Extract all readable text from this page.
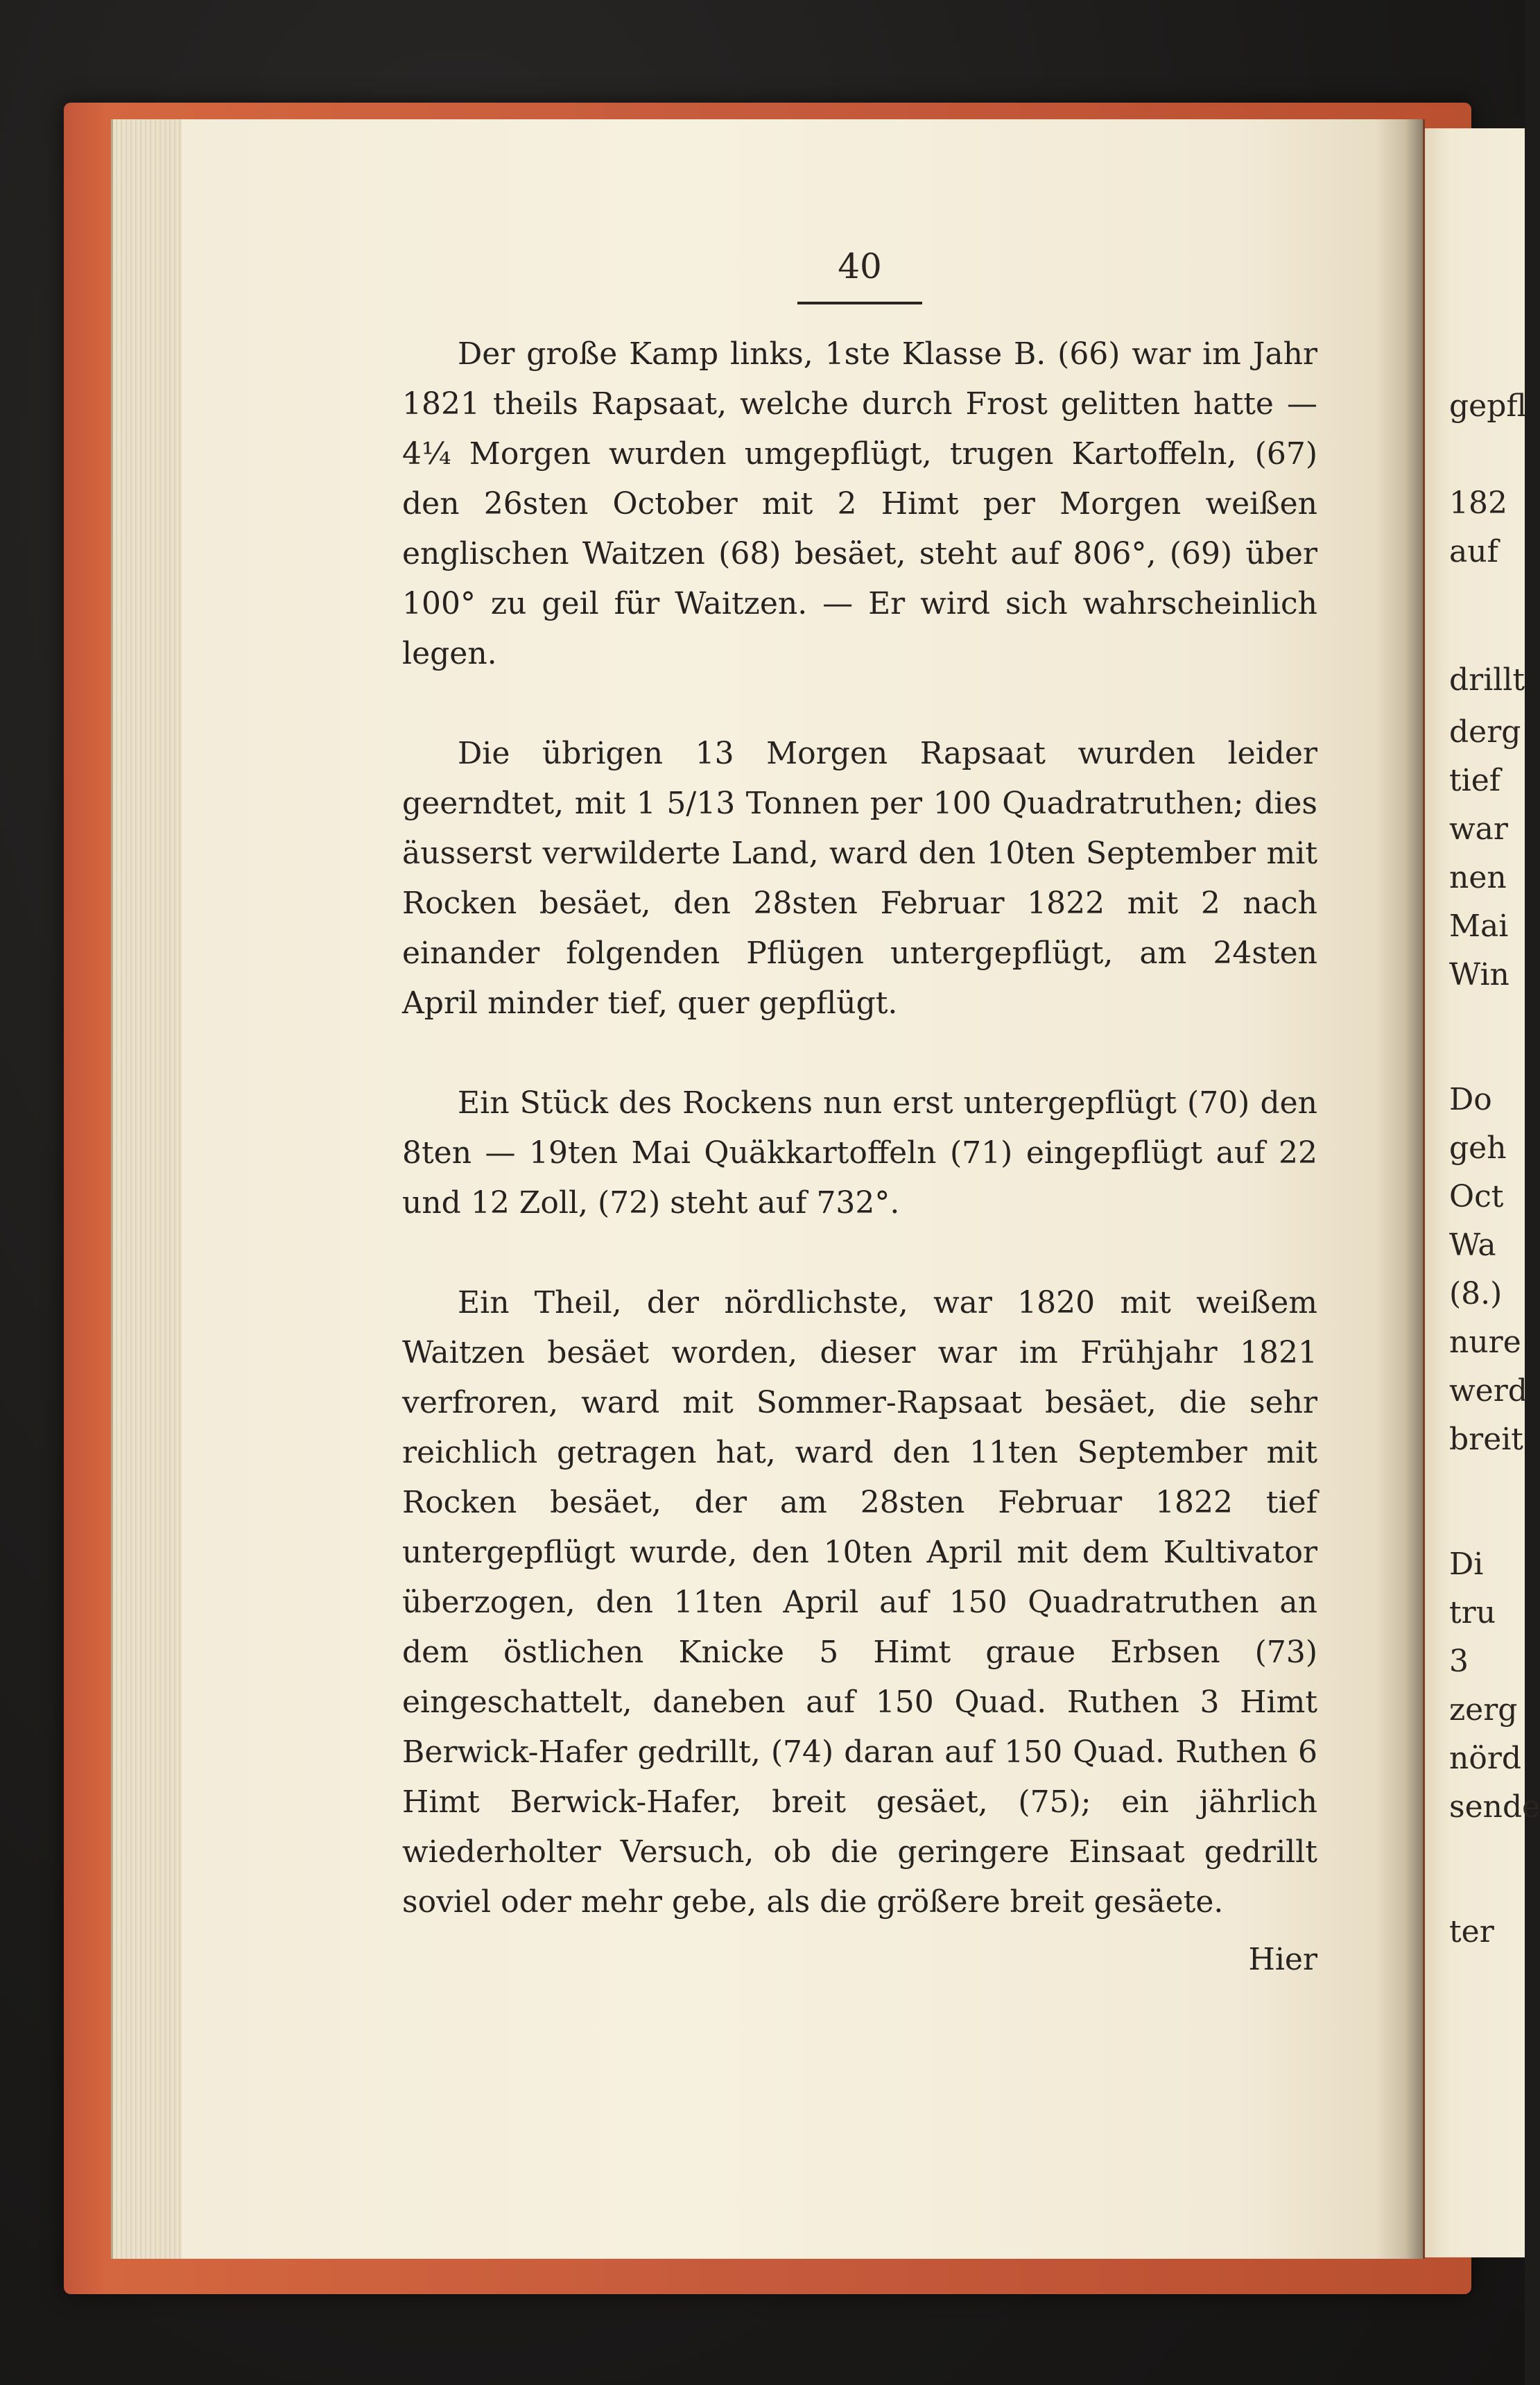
40

Der große Kamp links, 1ste Klasse B. (66) war im Jahr 1821 theils Rapsaat, welche durch Frost gelitten hatte — 4¼ Morgen wurden umgepflügt, trugen Kartoffeln, (67) den 26sten October mit 2 Himt per Morgen weißen englischen Waitzen (68) besäet, steht auf 806°, (69) über 100° zu geil für Waitzen. — Er wird sich wahrscheinlich legen.

Die übrigen 13 Morgen Rapsaat wurden leider geerndtet, mit 1 5/13 Tonnen per 100 Quadratruthen; dies äusserst verwilderte Land, ward den 10ten September mit Rocken besäet, den 28sten Februar 1822 mit 2 nach einander folgenden Pflügen untergepflügt, am 24sten April minder tief, quer gepflügt.

Ein Stück des Rockens nun erst untergepflügt (70) den 8ten — 19ten Mai Quäkkartoffeln (71) eingepflügt auf 22 und 12 Zoll, (72) steht auf 732°.

Ein Theil, der nördlichste, war 1820 mit weißem Waitzen besäet worden, dieser war im Frühjahr 1821 verfroren, ward mit Sommer-Rapsaat besäet, die sehr reichlich getragen hat, ward den 11ten September mit Rocken besäet, der am 28sten Februar 1822 tief untergepflügt wurde, den 10ten April mit dem Kultivator überzogen, den 11ten April auf 150 Quadratruthen an dem östlichen Knicke 5 Himt graue Erbsen (73) eingeschattelt, daneben auf 150 Quad. Ruthen 3 Himt Berwick-Hafer gedrillt, (74) daran auf 150 Quad. Ruthen 6 Himt Berwick-Hafer, breit gesäet, (75); ein jährlich wiederholter Versuch, ob die geringere Einsaat gedrillt soviel oder mehr gebe, als die größere breit gesäete.

Hier
gepfl
182
auf
drillt
derg
tief
war
nen
Mai
Win
Do
geh
Oct
Wa
(8.)
nure
werd
breit
Di
tru
3
zerg
nörd
sende
ter
